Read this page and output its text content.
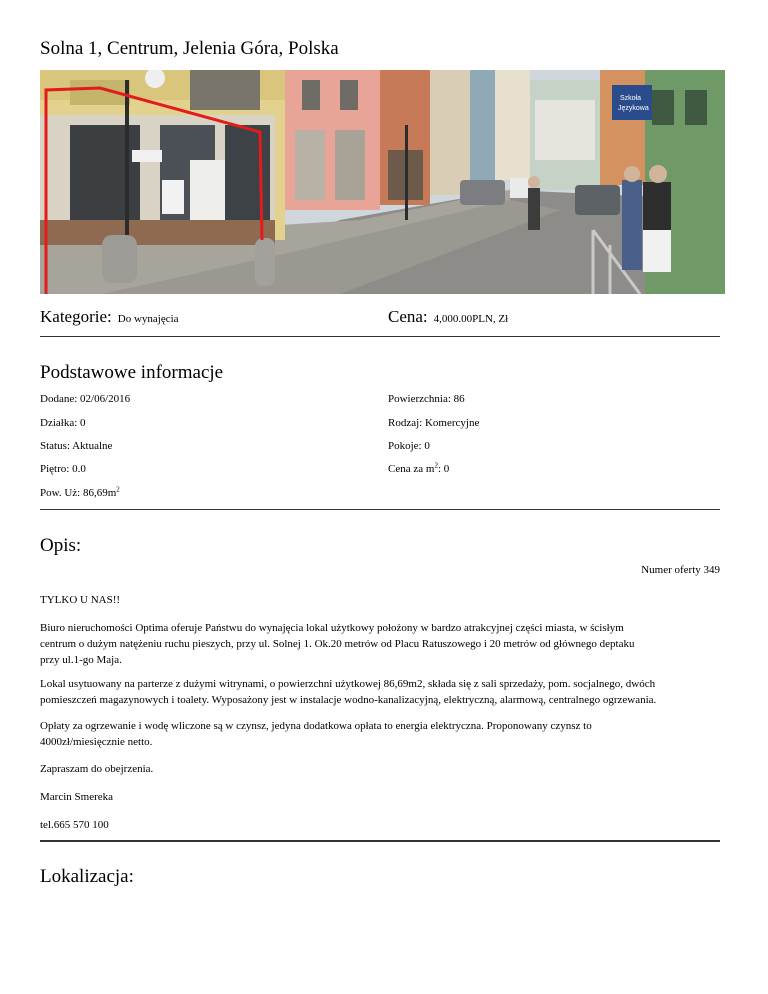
Solna 1, Centrum, Jelenia Góra, Polska
Szkoła
Językowa
Kategorie: Do wynajęcia	Cena: 4,000.00PLN, Zł
Podstawowe informacje
Dodane: 02/06/2016	Powierzchnia: 86
Działka: 0	Rodzaj: Komercyjne
Status: Aktualne	Pokoje: 0
Piętro: 0.0	Cena za $m^2$: 0
Pow. Uż: $86,69m^2$
Opis:
Numer oferty 349

TYLKO U NAS!!

Biuro nieruchomości Optima oferuje Państwu do wynajęcia lokal użytkowy położony w bardzo atrakcyjnej części miasta, w ścisłym

centrum o dużym natężeniu ruchu pieszych, przy ul. Solnej 1. Ok.20 metrów od Placu Ratuszowego i 20 metrów od głównego deptaku

przy ul.1-go Maja.

Lokal usytuowany na parterze z dużymi witrynami, o powierzchni użytkowej 86,69m2, składa się z sali sprzedaży, pom. socjalnego, dwóch

pomieszczeń magazynowych i toalety. Wyposażony jest w instalacje wodno-kanalizacyjną, elektryczną, alarmową, centralnego ogrzewania.

Opłaty za ogrzewanie i wodę wliczone są w czynsz, jedyna dodatkowa opłata to energia elektryczna. Proponowany czynsz to

4000zł/miesięcznie netto.

Zapraszam do obejrzenia.

Marcin Smereka

tel.665 570 100

Lokalizacja:
